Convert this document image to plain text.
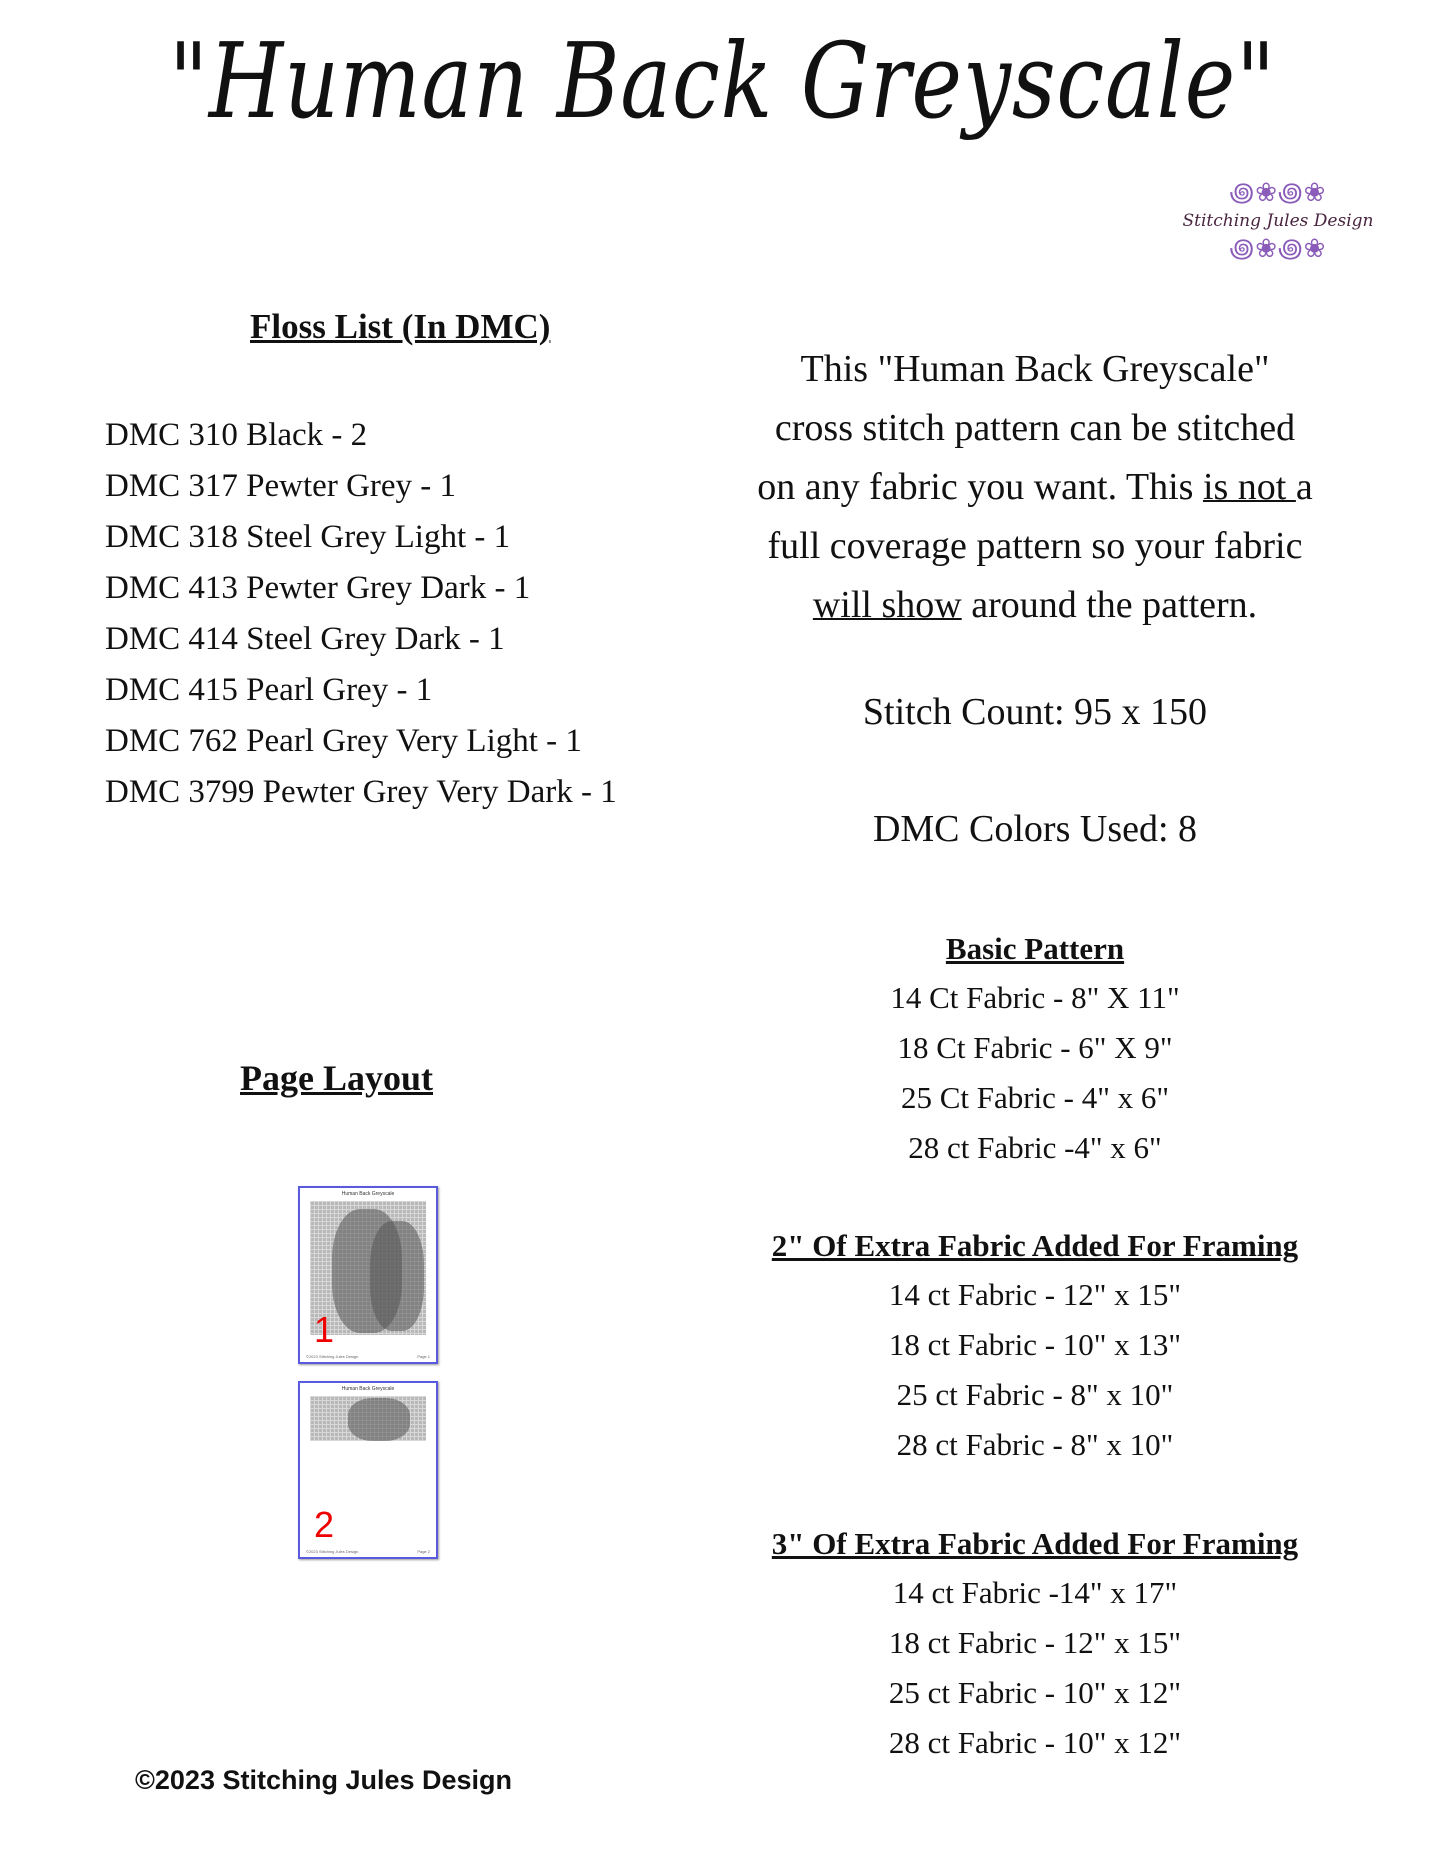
"Human Back Greyscale"
꩜❀꩜❀
Stitching Jules Design
꩜❀꩜❀
Floss List (In DMC)
DMC 310 Black - 2
DMC 317 Pewter Grey - 1
DMC 318 Steel Grey Light - 1
DMC 413 Pewter Grey Dark - 1
DMC 414 Steel Grey Dark - 1
DMC 415 Pearl Grey - 1
DMC 762 Pearl Grey Very Light - 1
DMC 3799 Pewter Grey Very Dark - 1
This "Human Back Greyscale"
cross stitch pattern can be stitched
on any fabric you want. This is not a
full coverage pattern so your fabric
will show around the pattern.
Stitch Count: 95 x 150
DMC Colors Used: 8
Basic Pattern
14 Ct Fabric - 8" X 11"
18 Ct Fabric - 6" X 9"
25 Ct Fabric - 4" x 6"
28 ct Fabric -4" x 6"
2" Of Extra Fabric Added For Framing
14 ct Fabric - 12" x 15"
18 ct Fabric - 10" x 13"
25 ct Fabric - 8" x 10"
28 ct Fabric - 8" x 10"
3" Of Extra Fabric Added For Framing
14 ct Fabric -14" x 17"
18 ct Fabric - 12" x 15"
25 ct Fabric - 10" x 12"
28 ct Fabric - 10" x 12"
Page Layout
Human Back Greyscale
1
©2023 Stitching Jules Design	Page 1
Human Back Greyscale
2
©2023 Stitching Jules Design	Page 2
©2023 Stitching Jules Design
